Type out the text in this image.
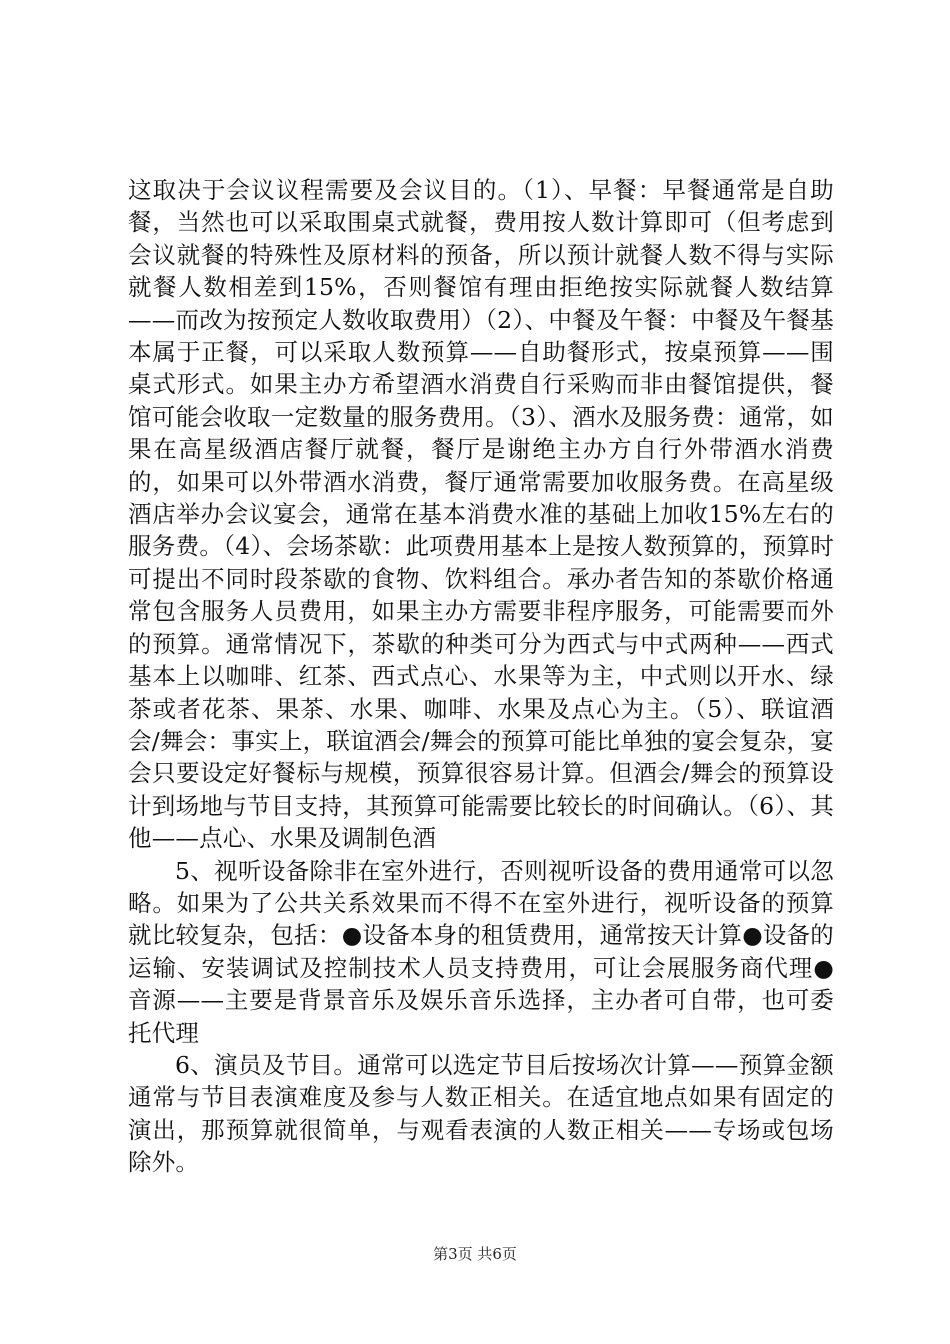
这取决于会议议程需要及会议目的。（1）、早餐：早餐通常是自助餐，当然也可以采取围桌式就餐，费用按人数计算即可（但考虑到会议就餐的特殊性及原材料的预备，所以预计就餐人数不得与实际就餐人数相差到15%，否则餐馆有理由拒绝按实际就餐人数结算——而改为按预定人数收取费用）（2）、中餐及午餐：中餐及午餐基本属于正餐，可以采取人数预算——自助餐形式，按桌预算——围桌式形式。如果主办方希望酒水消费自行采购而非由餐馆提供，餐馆可能会收取一定数量的服务费用。（3）、酒水及服务费：通常，如果在高星级酒店餐厅就餐，餐厅是谢绝主办方自行外带酒水消费的，如果可以外带酒水消费，餐厅通常需要加收服务费。在高星级酒店举办会议宴会，通常在基本消费水准的基础上加收15%左右的服务费。（4）、会场茶歇：此项费用基本上是按人数预算的，预算时可提出不同时段茶歇的食物、饮料组合。承办者告知的茶歇价格通常包含服务人员费用，如果主办方需要非程序服务，可能需要而外的预算。通常情况下，茶歇的种类可分为西式与中式两种——西式基本上以咖啡、红茶、西式点心、水果等为主，中式则以开水、绿茶或者花茶、果茶、水果、咖啡、水果及点心为主。（5）、联谊酒会/舞会：事实上，联谊酒会/舞会的预算可能比单独的宴会复杂，宴会只要设定好餐标与规模，预算很容易计算。但酒会/舞会的预算设计到场地与节目支持，其预算可能需要比较长的时间确认。（6）、其他——点心、水果及调制色酒

5、视听设备除非在室外进行，否则视听设备的费用通常可以忽略。如果为了公共关系效果而不得不在室外进行，视听设备的预算就比较复杂，包括：●设备本身的租赁费用，通常按天计算●设备的运输、安装调试及控制技术人员支持费用，可让会展服务商代理●音源——主要是背景音乐及娱乐音乐选择，主办者可自带，也可委托代理

6、演员及节目。通常可以选定节目后按场次计算——预算金额通常与节目表演难度及参与人数正相关。在适宜地点如果有固定的演出，那预算就很简单，与观看表演的人数正相关——专场或包场除外。

第3页 共6页
